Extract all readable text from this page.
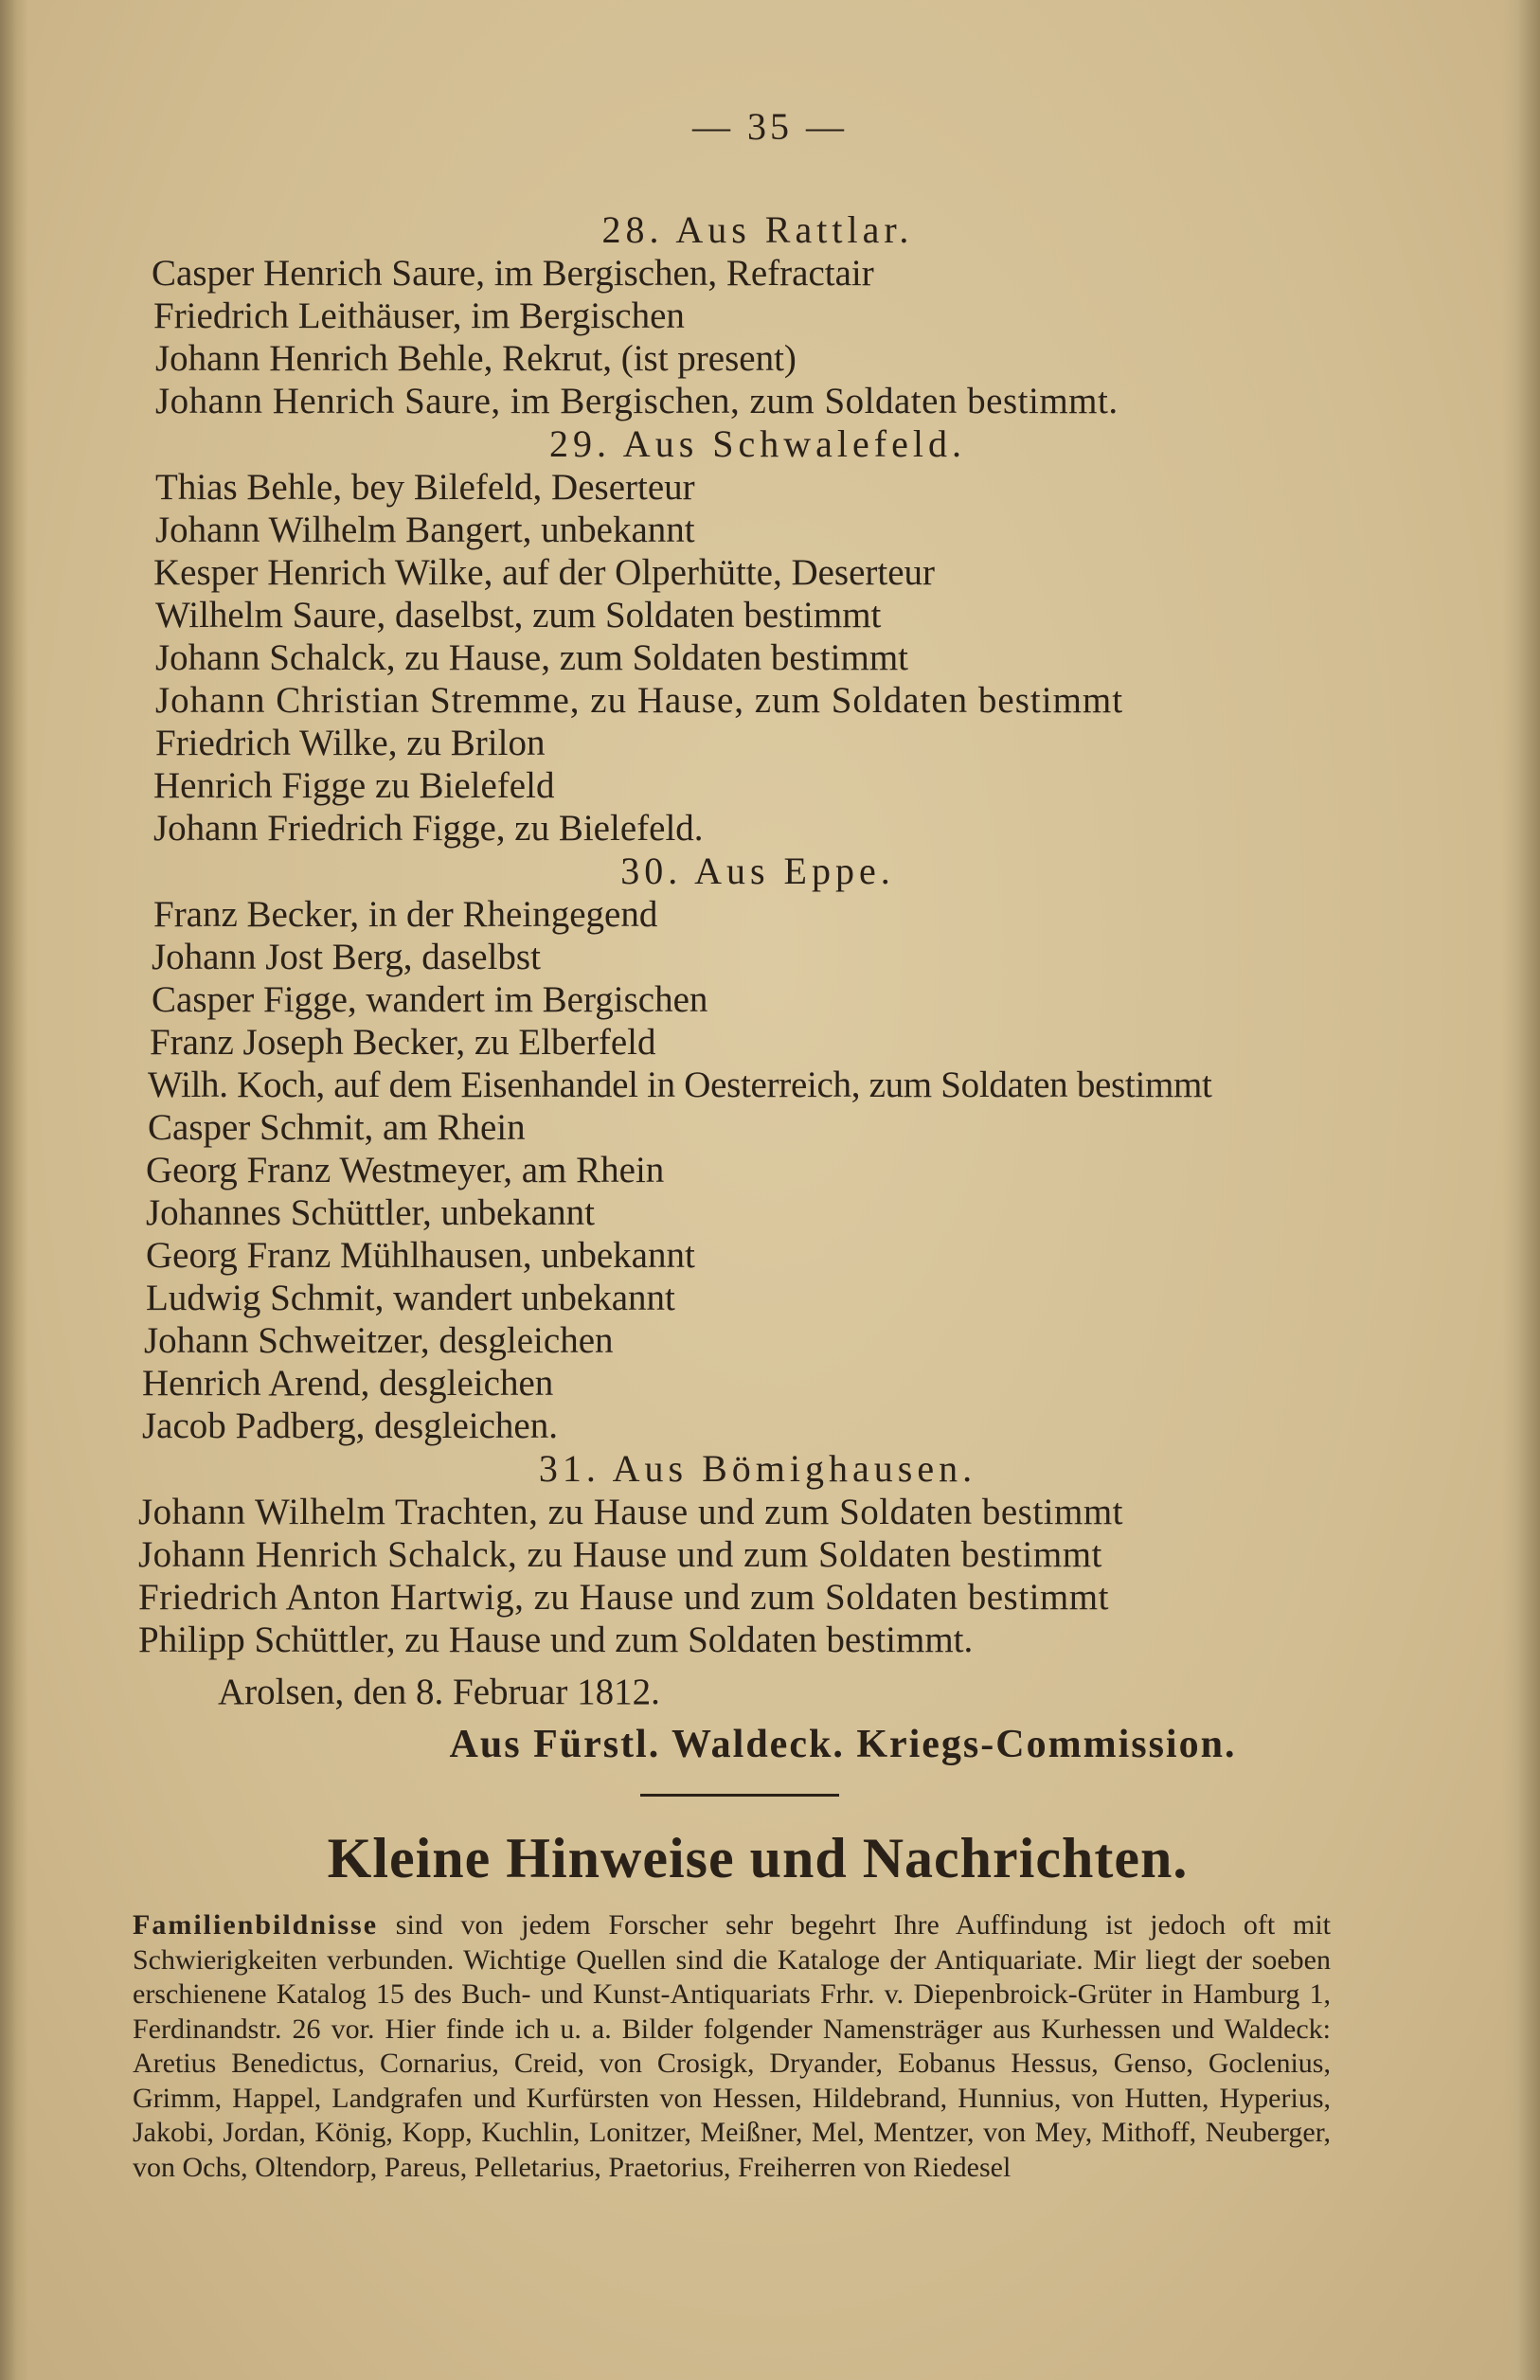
— 35 —
28. Aus Rattlar.
Casper Henrich Saure, im Bergischen, Refractair
Friedrich Leithäuser, im Bergischen
Johann Henrich Behle, Rekrut, (ist present)
Johann Henrich Saure, im Bergischen, zum Soldaten bestimmt.
29. Aus Schwalefeld.
Thias Behle, bey Bilefeld, Deserteur
Johann Wilhelm Bangert, unbekannt
Kesper Henrich Wilke, auf der Olperhütte, Deserteur
Wilhelm Saure, daselbst, zum Soldaten bestimmt
Johann Schalck, zu Hause, zum Soldaten bestimmt
Johann Christian Stremme, zu Hause, zum Soldaten bestimmt
Friedrich Wilke, zu Brilon
Henrich Figge zu Bielefeld
Johann Friedrich Figge, zu Bielefeld.
30. Aus Eppe.
Franz Becker, in der Rheingegend
Johann Jost Berg, daselbst
Casper Figge, wandert im Bergischen
Franz Joseph Becker, zu Elberfeld
Wilh. Koch, auf dem Eisenhandel in Oesterreich, zum Soldaten bestimmt
Casper Schmit, am Rhein
Georg Franz Westmeyer, am Rhein
Johannes Schüttler, unbekannt
Georg Franz Mühlhausen, unbekannt
Ludwig Schmit, wandert unbekannt
Johann Schweitzer, desgleichen
Henrich Arend, desgleichen
Jacob Padberg, desgleichen.
31. Aus Bömighausen.
Johann Wilhelm Trachten, zu Hause und zum Soldaten bestimmt
Johann Henrich Schalck, zu Hause und zum Soldaten bestimmt
Friedrich Anton Hartwig, zu Hause und zum Soldaten bestimmt
Philipp Schüttler, zu Hause und zum Soldaten bestimmt.
Arolsen, den 8. Februar 1812.
Aus Fürstl. Waldeck. Kriegs-Commission.
Kleine Hinweise und Nachrichten.
Familienbildnisse sind von jedem Forscher sehr begehrt Ihre Auffindung ist jedoch oft mit Schwierigkeiten verbunden. Wichtige Quellen sind die Kataloge der Antiquariate. Mir liegt der soeben erschienene Katalog 15 des Buch- und Kunst-Antiquariats Frhr. v. Diepenbroick-Grüter in Hamburg 1, Ferdinandstr. 26 vor. Hier finde ich u. a. Bilder folgender Namensträger aus Kurhessen und Waldeck: Aretius Benedictus, Cornarius, Creid, von Crosigk, Dryander, Eobanus Hessus, Genso, Goclenius, Grimm, Happel, Landgrafen und Kurfürsten von Hessen, Hildebrand, Hunnius, von Hutten, Hyperius, Jakobi, Jordan, König, Kopp, Kuchlin, Lonitzer, Meißner, Mel, Mentzer, von Mey, Mithoff, Neuberger, von Ochs, Oltendorp, Pareus, Pelletarius, Praetorius, Freiherren von Riedesel
